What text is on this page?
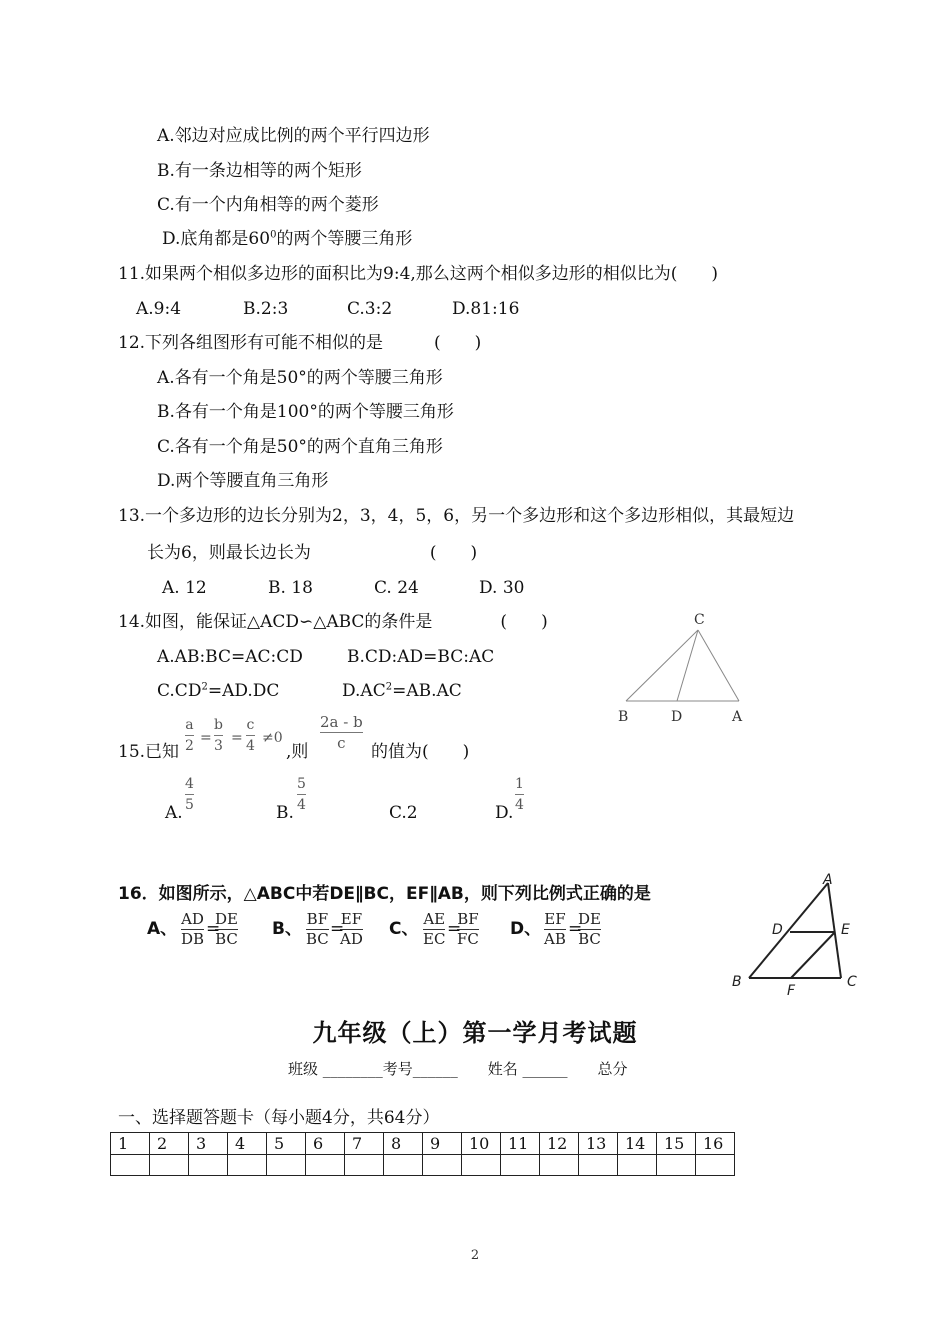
A.邻边对应成比例的两个平行四边形
B.有一条边相等的两个矩形
C.有一个内角相等的两个菱形
D.底角都是$60^0$的两个等腰三角形
11.如果两个相似多边形的面积比为9:4,那么这两个相似多边形的相似比为(　　)
A.9:4	B.2:3	C.3:2	D.81:16
12.下列各组图形有可能不相似的是　　　(　　)
A.各有一个角是50°的两个等腰三角形
B.各有一个角是100°的两个等腰三角形
C.各有一个角是50°的两个直角三角形
D.两个等腰直角三角形
13.一个多边形的边长分别为2，3，4，5，6，另一个多边形和这个多边形相似，其最短边
长为6，则最长边长为　　　　　　　(　　)
A. 12	B. 18	C. 24	D. 30
14.如图，能保证△ACD∽△ABC的条件是　　　　(　　)
A.AB:BC=AC:CD	B.CD:AD=BC:AC
$C.CD^2=AD.DC$	$D.AC^2=AB.AC$
C
B	D	A
15.已知
a
2 =
b
3 =
c
4 ≠0
,则
2a - b
c 的值为(　　)
A.
4
5	B.
5
4	C.2	D.
1
4
16．如图所示，△ABC中若DE∥BC，EF∥AB，则下列比例式正确的是
A、 AD
DB =
DE
BC B、 BF
BC =
EF
AD C、 AE
EC =
BF
FC D、 EF
AB =
DE
BC
A
D	E
B
F
C
九年级（上）第一学月考试题
班级 ________考号______　　姓名 ______　　总分
一、选择题答题卡（每小题4分，共64分）
1	2	3	4	5	6	7	8	9	10	11	12	13	14	15	16

2
